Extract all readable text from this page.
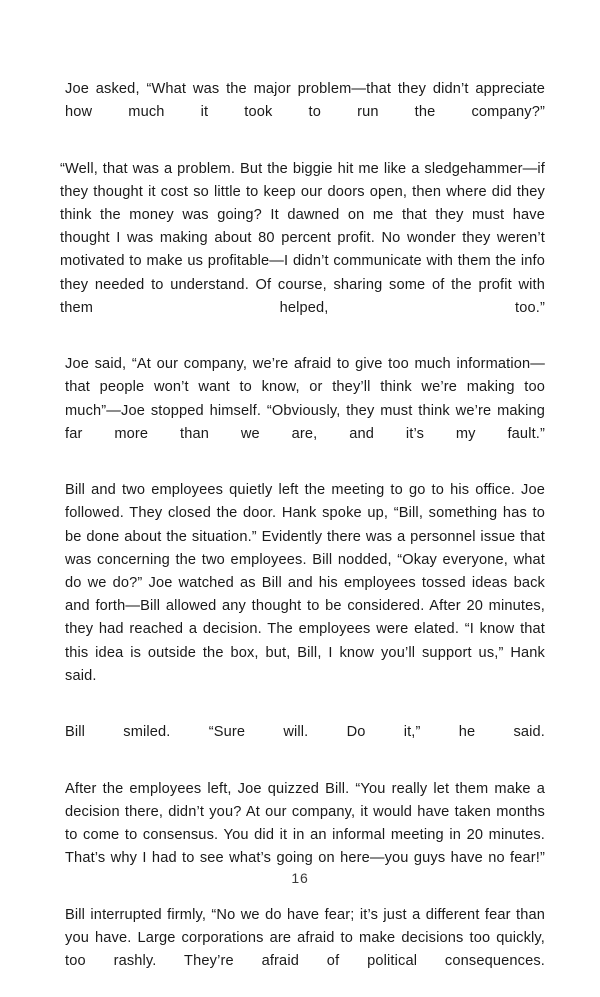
Joe asked, “What was the major problem—that they didn’t appreciate how much it took to run the company?”

“Well, that was a problem. But the biggie hit me like a sledgehammer—if they thought it cost so little to keep our doors open, then where did they think the money was going? It dawned on me that they must have thought I was making about 80 percent profit. No wonder they weren’t motivated to make us profitable—I didn’t communicate with them the info they needed to understand. Of course, sharing some of the profit with them helped, too.”

Joe said, “At our company, we’re afraid to give too much information—that people won’t want to know, or they’ll think we’re making too much”—Joe stopped himself. “Obviously, they must think we’re making far more than we are, and it’s my fault.”

Bill and two employees quietly left the meeting to go to his office. Joe followed. They closed the door. Hank spoke up, “Bill, something has to be done about the situation.” Evidently there was a personnel issue that was concerning the two employees. Bill nodded, “Okay everyone, what do we do?” Joe watched as Bill and his employees tossed ideas back and forth—Bill allowed any thought to be considered. After 20 minutes, they had reached a decision. The employees were elated. “I know that this idea is outside the box, but, Bill, I know you’ll support us,” Hank said.

Bill smiled. “Sure will. Do it,” he said.

After the employees left, Joe quizzed Bill. “You really let them make a decision there, didn’t you? At our company, it would have taken months to come to consensus. You did it in an informal meeting in 20 minutes. That’s why I had to see what’s going on here—you guys have no fear!”

Bill interrupted firmly, “No we do have fear; it’s just a different fear than you have. Large corporations are afraid to make decisions too quickly, too rashly. They’re afraid of political consequences.

16
